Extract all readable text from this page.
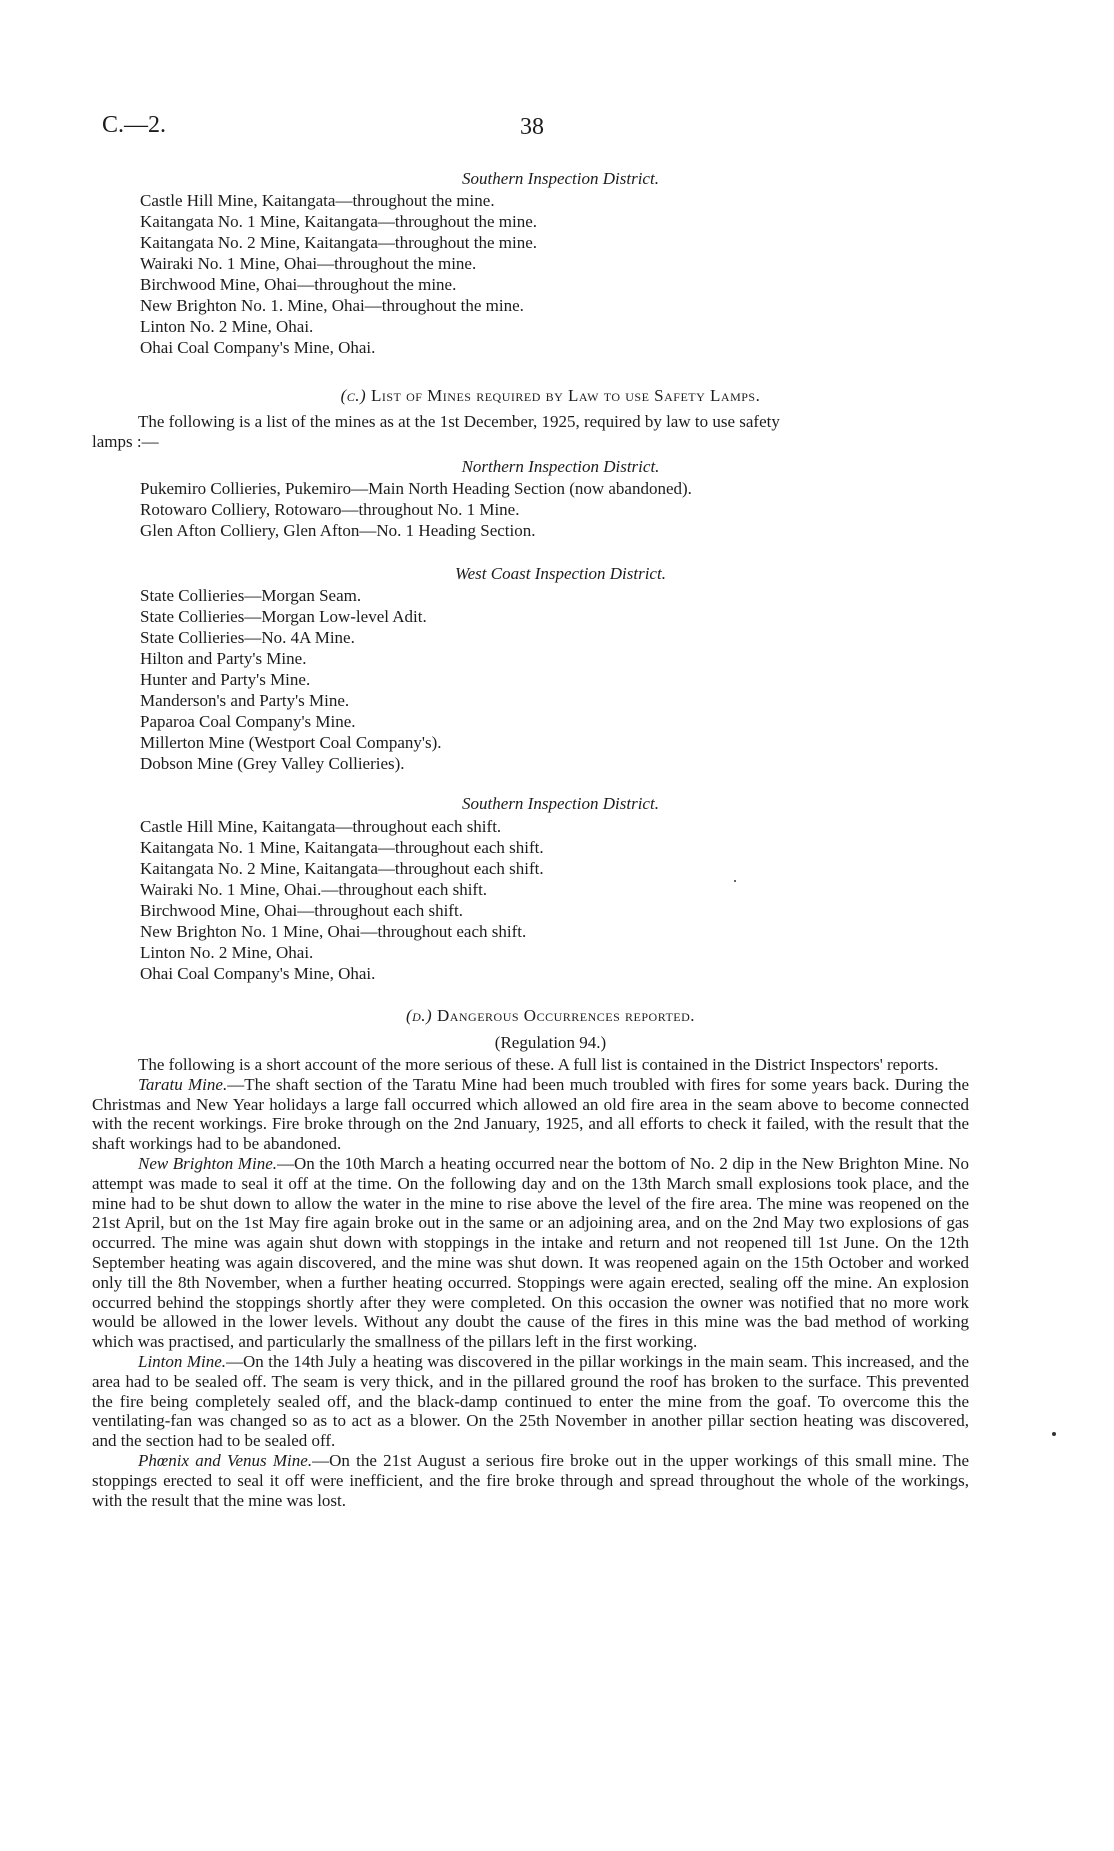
C.—2.	38

Southern Inspection District.

Castle Hill Mine, Kaitangata—throughout the mine.
Kaitangata No. 1 Mine, Kaitangata—throughout the mine.
Kaitangata No. 2 Mine, Kaitangata—throughout the mine.
Wairaki No. 1 Mine, Ohai—throughout the mine.
Birchwood Mine, Ohai—throughout the mine.
New Brighton No. 1. Mine, Ohai—throughout the mine.
Linton No. 2 Mine, Ohai.
Ohai Coal Company's Mine, Ohai.

(c.) List of Mines required by Law to use Safety Lamps.

The following is a list of the mines as at the 1st December, 1925, required by law to use safety

lamps :—

Northern Inspection District.

Pukemiro Collieries, Pukemiro—Main North Heading Section (now abandoned).
Rotowaro Colliery, Rotowaro—throughout No. 1 Mine.
Glen Afton Colliery, Glen Afton—No. 1 Heading Section.

West Coast Inspection District.

State Collieries—Morgan Seam.
State Collieries—Morgan Low-level Adit.
State Collieries—No. 4A Mine.
Hilton and Party's Mine.
Hunter and Party's Mine.
Manderson's and Party's Mine.
Paparoa Coal Company's Mine.
Millerton Mine (Westport Coal Company's).
Dobson Mine (Grey Valley Collieries).

Southern Inspection District.

Castle Hill Mine, Kaitangata—throughout each shift.
Kaitangata No. 1 Mine, Kaitangata—throughout each shift.
Kaitangata No. 2 Mine, Kaitangata—throughout each shift.
Wairaki No. 1 Mine, Ohai.—throughout each shift.
Birchwood Mine, Ohai—throughout each shift.
New Brighton No. 1 Mine, Ohai—throughout each shift.
Linton No. 2 Mine, Ohai.
Ohai Coal Company's Mine, Ohai.

(d.) Dangerous Occurrences reported.

(Regulation 94.)

The following is a short account of the more serious of these. A full list is contained in the District Inspectors' reports.

Taratu Mine.—The shaft section of the Taratu Mine had been much troubled with fires for some years back. During the Christmas and New Year holidays a large fall occurred which allowed an old fire area in the seam above to become connected with the recent workings. Fire broke through on the 2nd January, 1925, and all efforts to check it failed, with the result that the shaft workings had to be abandoned.

New Brighton Mine.—On the 10th March a heating occurred near the bottom of No. 2 dip in the New Brighton Mine. No attempt was made to seal it off at the time. On the following day and on the 13th March small explosions took place, and the mine had to be shut down to allow the water in the mine to rise above the level of the fire area. The mine was reopened on the 21st April, but on the 1st May fire again broke out in the same or an adjoining area, and on the 2nd May two explosions of gas occurred. The mine was again shut down with stoppings in the intake and return and not reopened till 1st June. On the 12th September heating was again discovered, and the mine was shut down. It was reopened again on the 15th October and worked only till the 8th November, when a further heating occurred. Stoppings were again erected, sealing off the mine. An explosion occurred behind the stoppings shortly after they were completed. On this occasion the owner was notified that no more work would be allowed in the lower levels. Without any doubt the cause of the fires in this mine was the bad method of working which was practised, and particularly the smallness of the pillars left in the first working.

Linton Mine.—On the 14th July a heating was discovered in the pillar workings in the main seam. This increased, and the area had to be sealed off. The seam is very thick, and in the pillared ground the roof has broken to the surface. This prevented the fire being completely sealed off, and the black-damp continued to enter the mine from the goaf. To overcome this the ventilating-fan was changed so as to act as a blower. On the 25th November in another pillar section heating was discovered, and the section had to be sealed off.

Phœnix and Venus Mine.—On the 21st August a serious fire broke out in the upper workings of this small mine. The stoppings erected to seal it off were inefficient, and the fire broke through and spread throughout the whole of the workings, with the result that the mine was lost.
